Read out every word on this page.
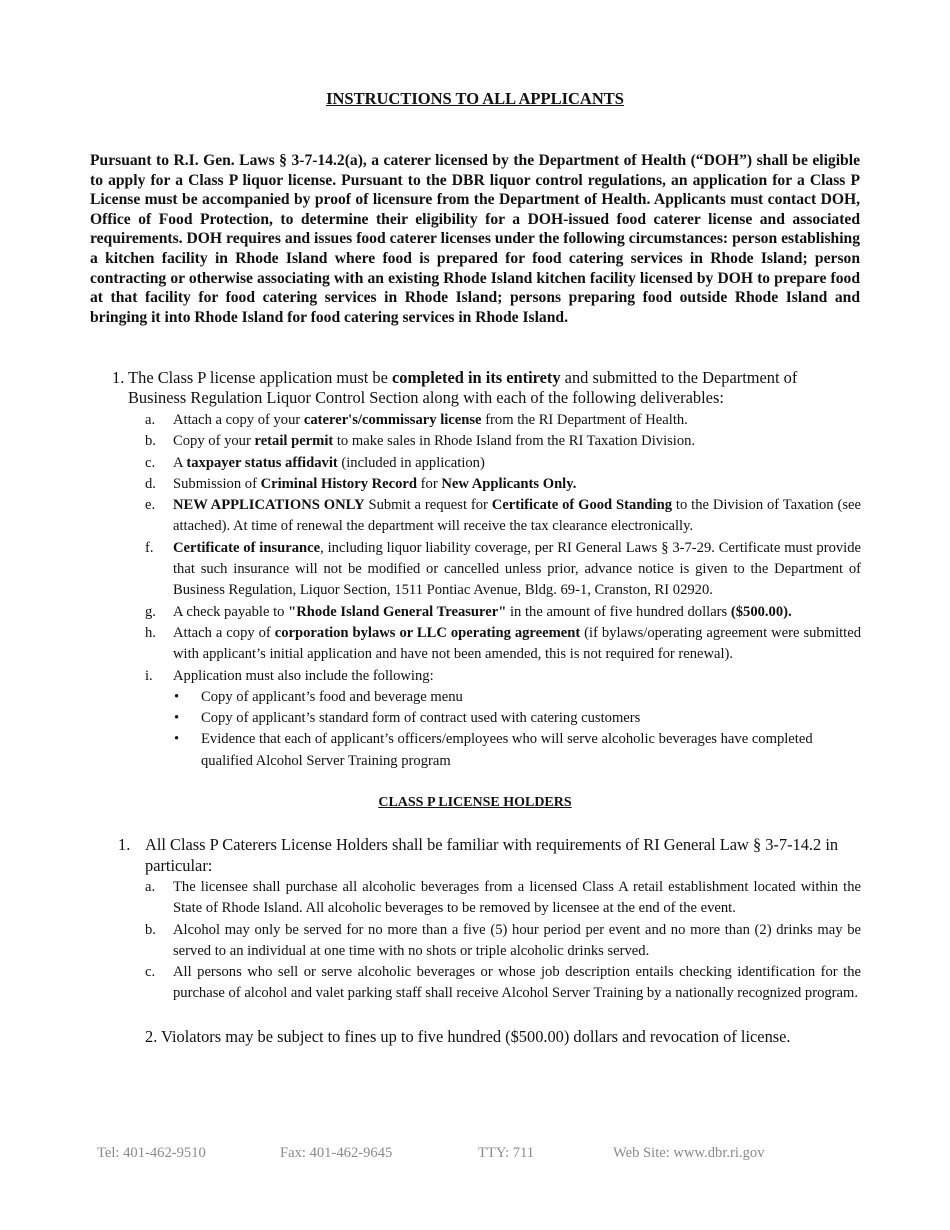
INSTRUCTIONS TO ALL APPLICANTS

Pursuant to R.I. Gen. Laws § 3-7-14.2(a), a caterer licensed by the Department of Health (“DOH”) shall be eligible to apply for a Class P liquor license. Pursuant to the DBR liquor control regulations, an application for a Class P License must be accompanied by proof of licensure from the Department of Health. Applicants must contact DOH, Office of Food Protection, to determine their eligibility for a DOH-issued food caterer license and associated requirements. DOH requires and issues food caterer licenses under the following circumstances: person establishing a kitchen facility in Rhode Island where food is prepared for food catering services in Rhode Island; person contracting or otherwise associating with an existing Rhode Island kitchen facility licensed by DOH to prepare food at that facility for food catering services in Rhode Island; persons preparing food outside Rhode Island and bringing it into Rhode Island for food catering services in Rhode Island.

1. The Class P license application must be completed in its entirety and submitted to the Department of
Business Regulation Liquor Control Section along with each of the following deliverables:
a. Attach a copy of your caterer's/commissary license from the RI Department of Health.
b. Copy of your retail permit to make sales in Rhode Island from the RI Taxation Division.
c. A taxpayer status affidavit (included in application)
d. Submission of Criminal History Record for New Applicants Only.
e. NEW APPLICATIONS ONLY Submit a request for Certificate of Good Standing to the Division of Taxation (see attached). At time of renewal the department will receive the tax clearance electronically.
f. Certificate of insurance, including liquor liability coverage, per RI General Laws § 3-7-29. Certificate must provide that such insurance will not be modified or cancelled unless prior, advance notice is given to the Department of Business Regulation, Liquor Section, 1511 Pontiac Avenue, Bldg. 69-1, Cranston, RI 02920.
g. A check payable to "Rhode Island General Treasurer" in the amount of five hundred dollars ($500.00).
h. Attach a copy of corporation bylaws or LLC operating agreement (if bylaws/operating agreement were submitted with applicant’s initial application and have not been amended, this is not required for renewal).
i. Application must also include the following:
• Copy of applicant’s food and beverage menu
• Copy of applicant’s standard form of contract used with catering customers
• Evidence that each of applicant’s officers/employees who will serve alcoholic beverages have completed qualified Alcohol Server Training program
CLASS P LICENSE HOLDERS
1. All Class P Caterers License Holders shall be familiar with requirements of RI General Law § 3-7-14.2 in particular:
a. The licensee shall purchase all alcoholic beverages from a licensed Class A retail establishment located within the State of Rhode Island. All alcoholic beverages to be removed by licensee at the end of the event.
b. Alcohol may only be served for no more than a five (5) hour period per event and no more than (2) drinks may be served to an individual at one time with no shots or triple alcoholic drinks served.
c. All persons who sell or serve alcoholic beverages or whose job description entails checking identification for the purchase of alcohol and valet parking staff shall receive Alcohol Server Training by a nationally recognized program.

2. Violators may be subject to fines up to five hundred ($500.00) dollars and revocation of license.

Tel: 401-462-9510	Fax: 401-462-9645	TTY: 711	Web Site: www.dbr.ri.gov
